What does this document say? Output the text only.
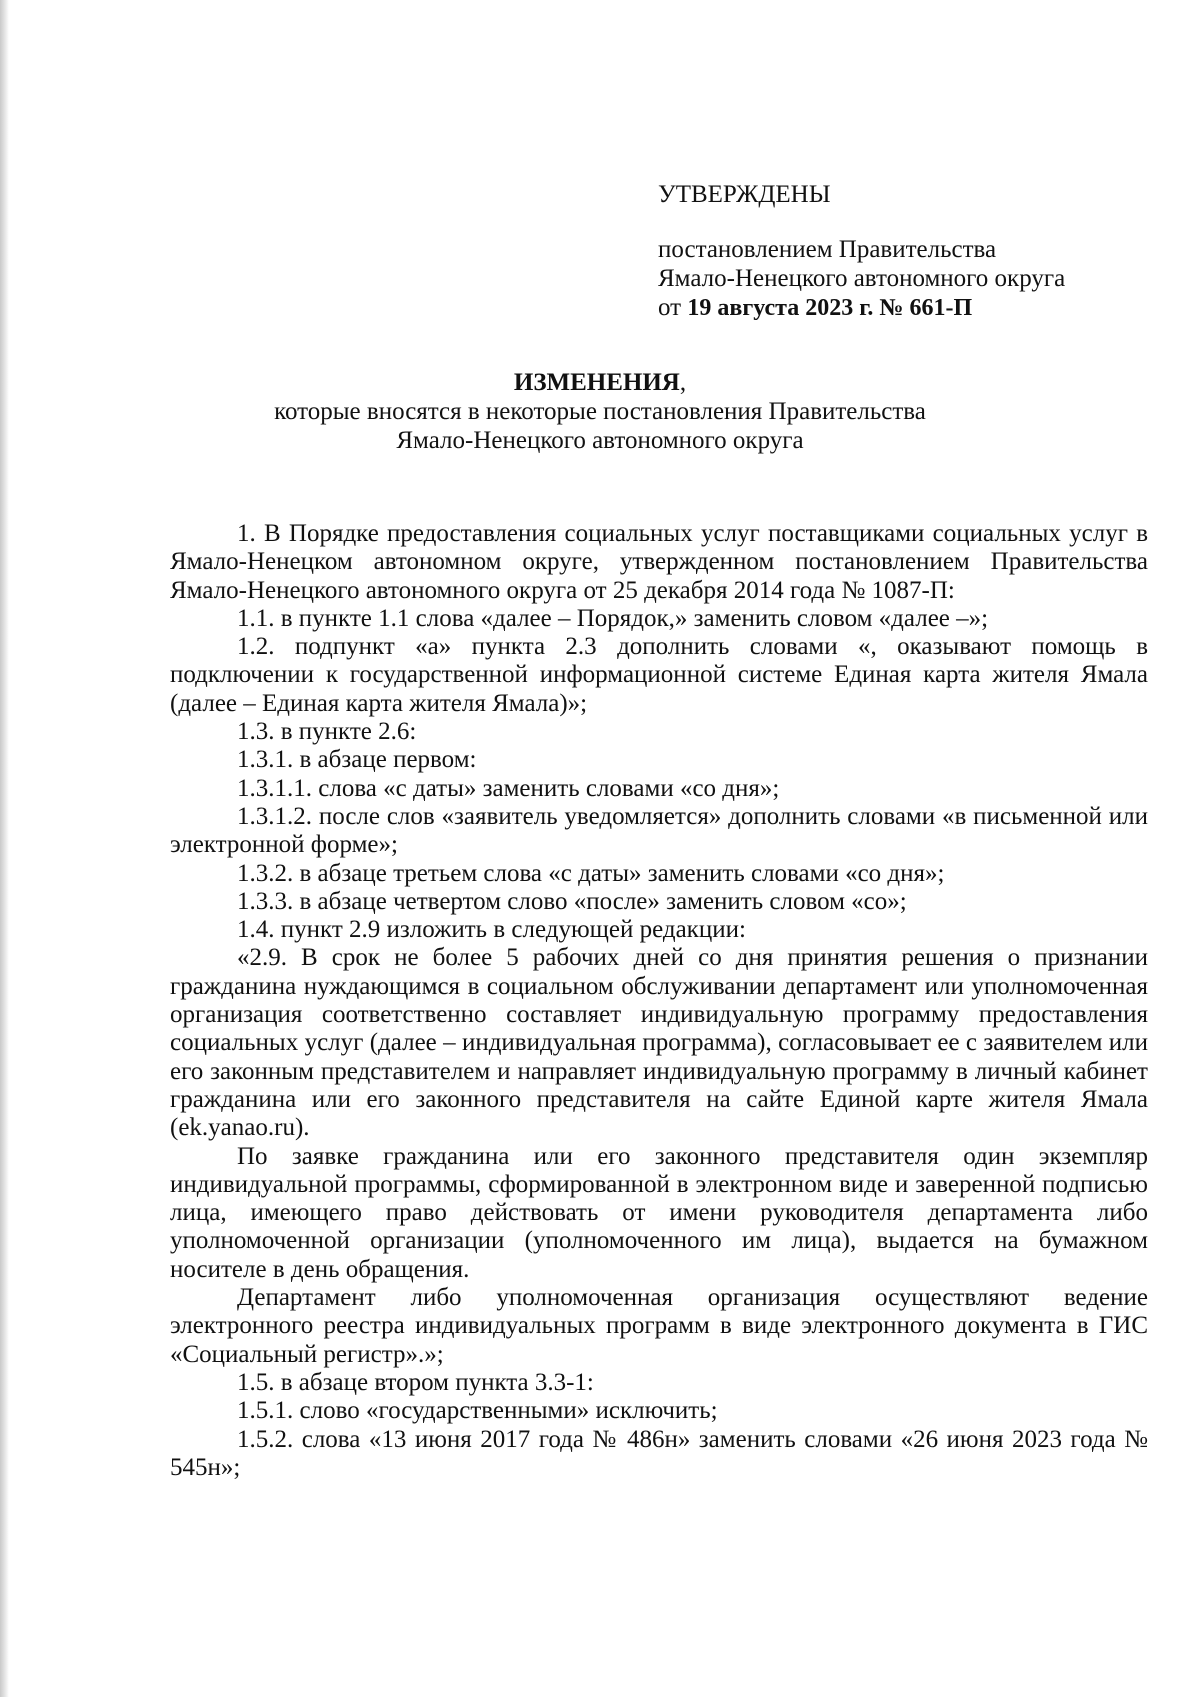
УТВЕРЖДЕНЫ
постановлением Правительства
Ямало-Ненецкого автономного округа
от 19 августа 2023 г. № 661-П
ИЗМЕНЕНИЯ,
которые вносятся в некоторые постановления Правительства
Ямало-Ненецкого автономного округа

1. В Порядке предоставления социальных услуг поставщиками социальных услуг в Ямало-Ненецком автономном округе, утвержденном постановлением Правительства Ямало-Ненецкого автономного округа от 25 декабря 2014 года № 1087-П:

1.1. в пункте 1.1 слова «далее – Порядок,» заменить словом «далее –»;

1.2. подпункт «а» пункта 2.3 дополнить словами «, оказывают помощь в подключении к государственной информационной системе Единая карта жителя Ямала (далее – Единая карта жителя Ямала)»;

1.3. в пункте 2.6:

1.3.1. в абзаце первом:

1.3.1.1. слова «с даты» заменить словами «со дня»;

1.3.1.2. после слов «заявитель уведомляется» дополнить словами «в письменной или электронной форме»;

1.3.2. в абзаце третьем слова «с даты» заменить словами «со дня»;

1.3.3. в абзаце четвертом слово «после» заменить словом «со»;

1.4. пункт 2.9 изложить в следующей редакции:

«2.9. В срок не более 5 рабочих дней со дня принятия решения о признании гражданина нуждающимся в социальном обслуживании департамент или уполномоченная организация соответственно составляет индивидуальную программу предоставления социальных услуг (далее – индивидуальная программа), согласовывает ее с заявителем или его законным представителем и направляет индивидуальную программу в личный кабинет гражданина или его законного представителя на сайте Единой карте жителя Ямала (ek.yanao.ru).

По заявке гражданина или его законного представителя один экземпляр индивидуальной программы, сформированной в электронном виде и заверенной подписью лица, имеющего право действовать от имени руководителя департамента либо уполномоченной организации (уполномоченного им лица), выдается на бумажном носителе в день обращения.

Департамент либо уполномоченная организация осуществляют ведение электронного реестра индивидуальных программ в виде электронного документа в ГИС «Социальный регистр».»;

1.5. в абзаце втором пункта 3.3-1:

1.5.1. слово «государственными» исключить;

1.5.2. слова «13 июня 2017 года № 486н» заменить словами «26 июня 2023 года № 545н»;
